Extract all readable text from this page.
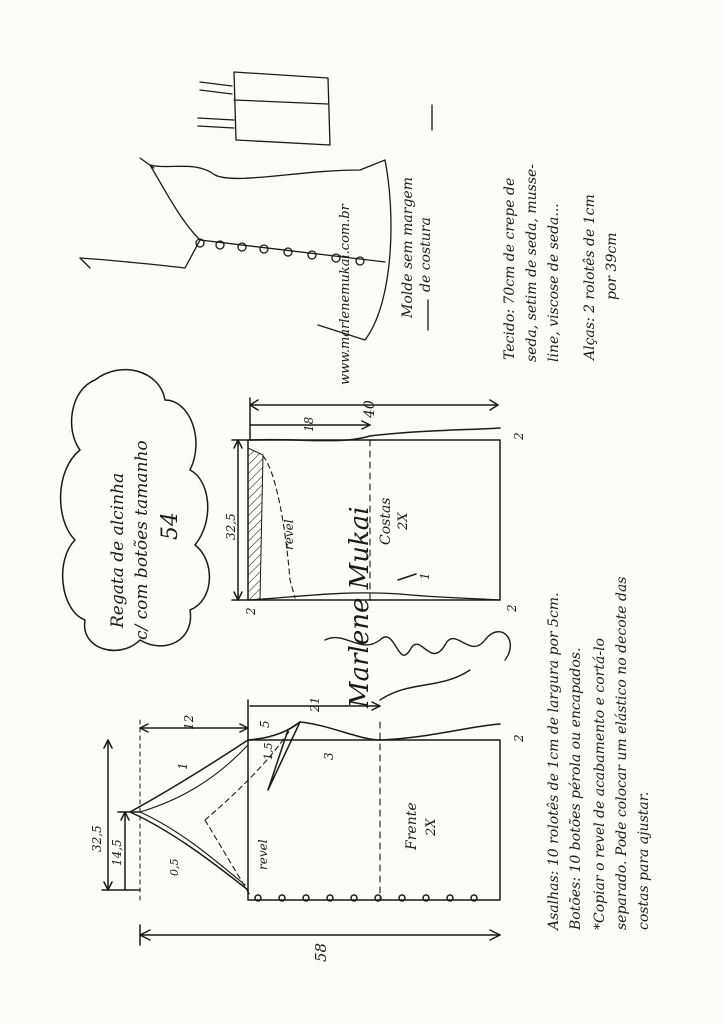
Regata de alcinha c/ com botões tamanho 54
www.marlenemukai.com.br	Molde sem margem de costura	Tecido: 70cm de crepe de seda, setim de seda, musse- line, viscose de seda... Alças: 2 rolotês de 1cm por 39cm
40
18
32,5	Costas 2X
revel
1
2
2	2
Frente 2X
58
32,5
14,5
12
21
5
1,5	3
1
0,5
2
revel	Asalhas: 10 rolotês de 1cm de largura por 5cm. Botões: 10 botões pérola ou encapados. *Copiar o revel de acabamento e cortá-lo separado. Pode colocar um elástico no decote das costas para ajustar.
Marlene Mukai
